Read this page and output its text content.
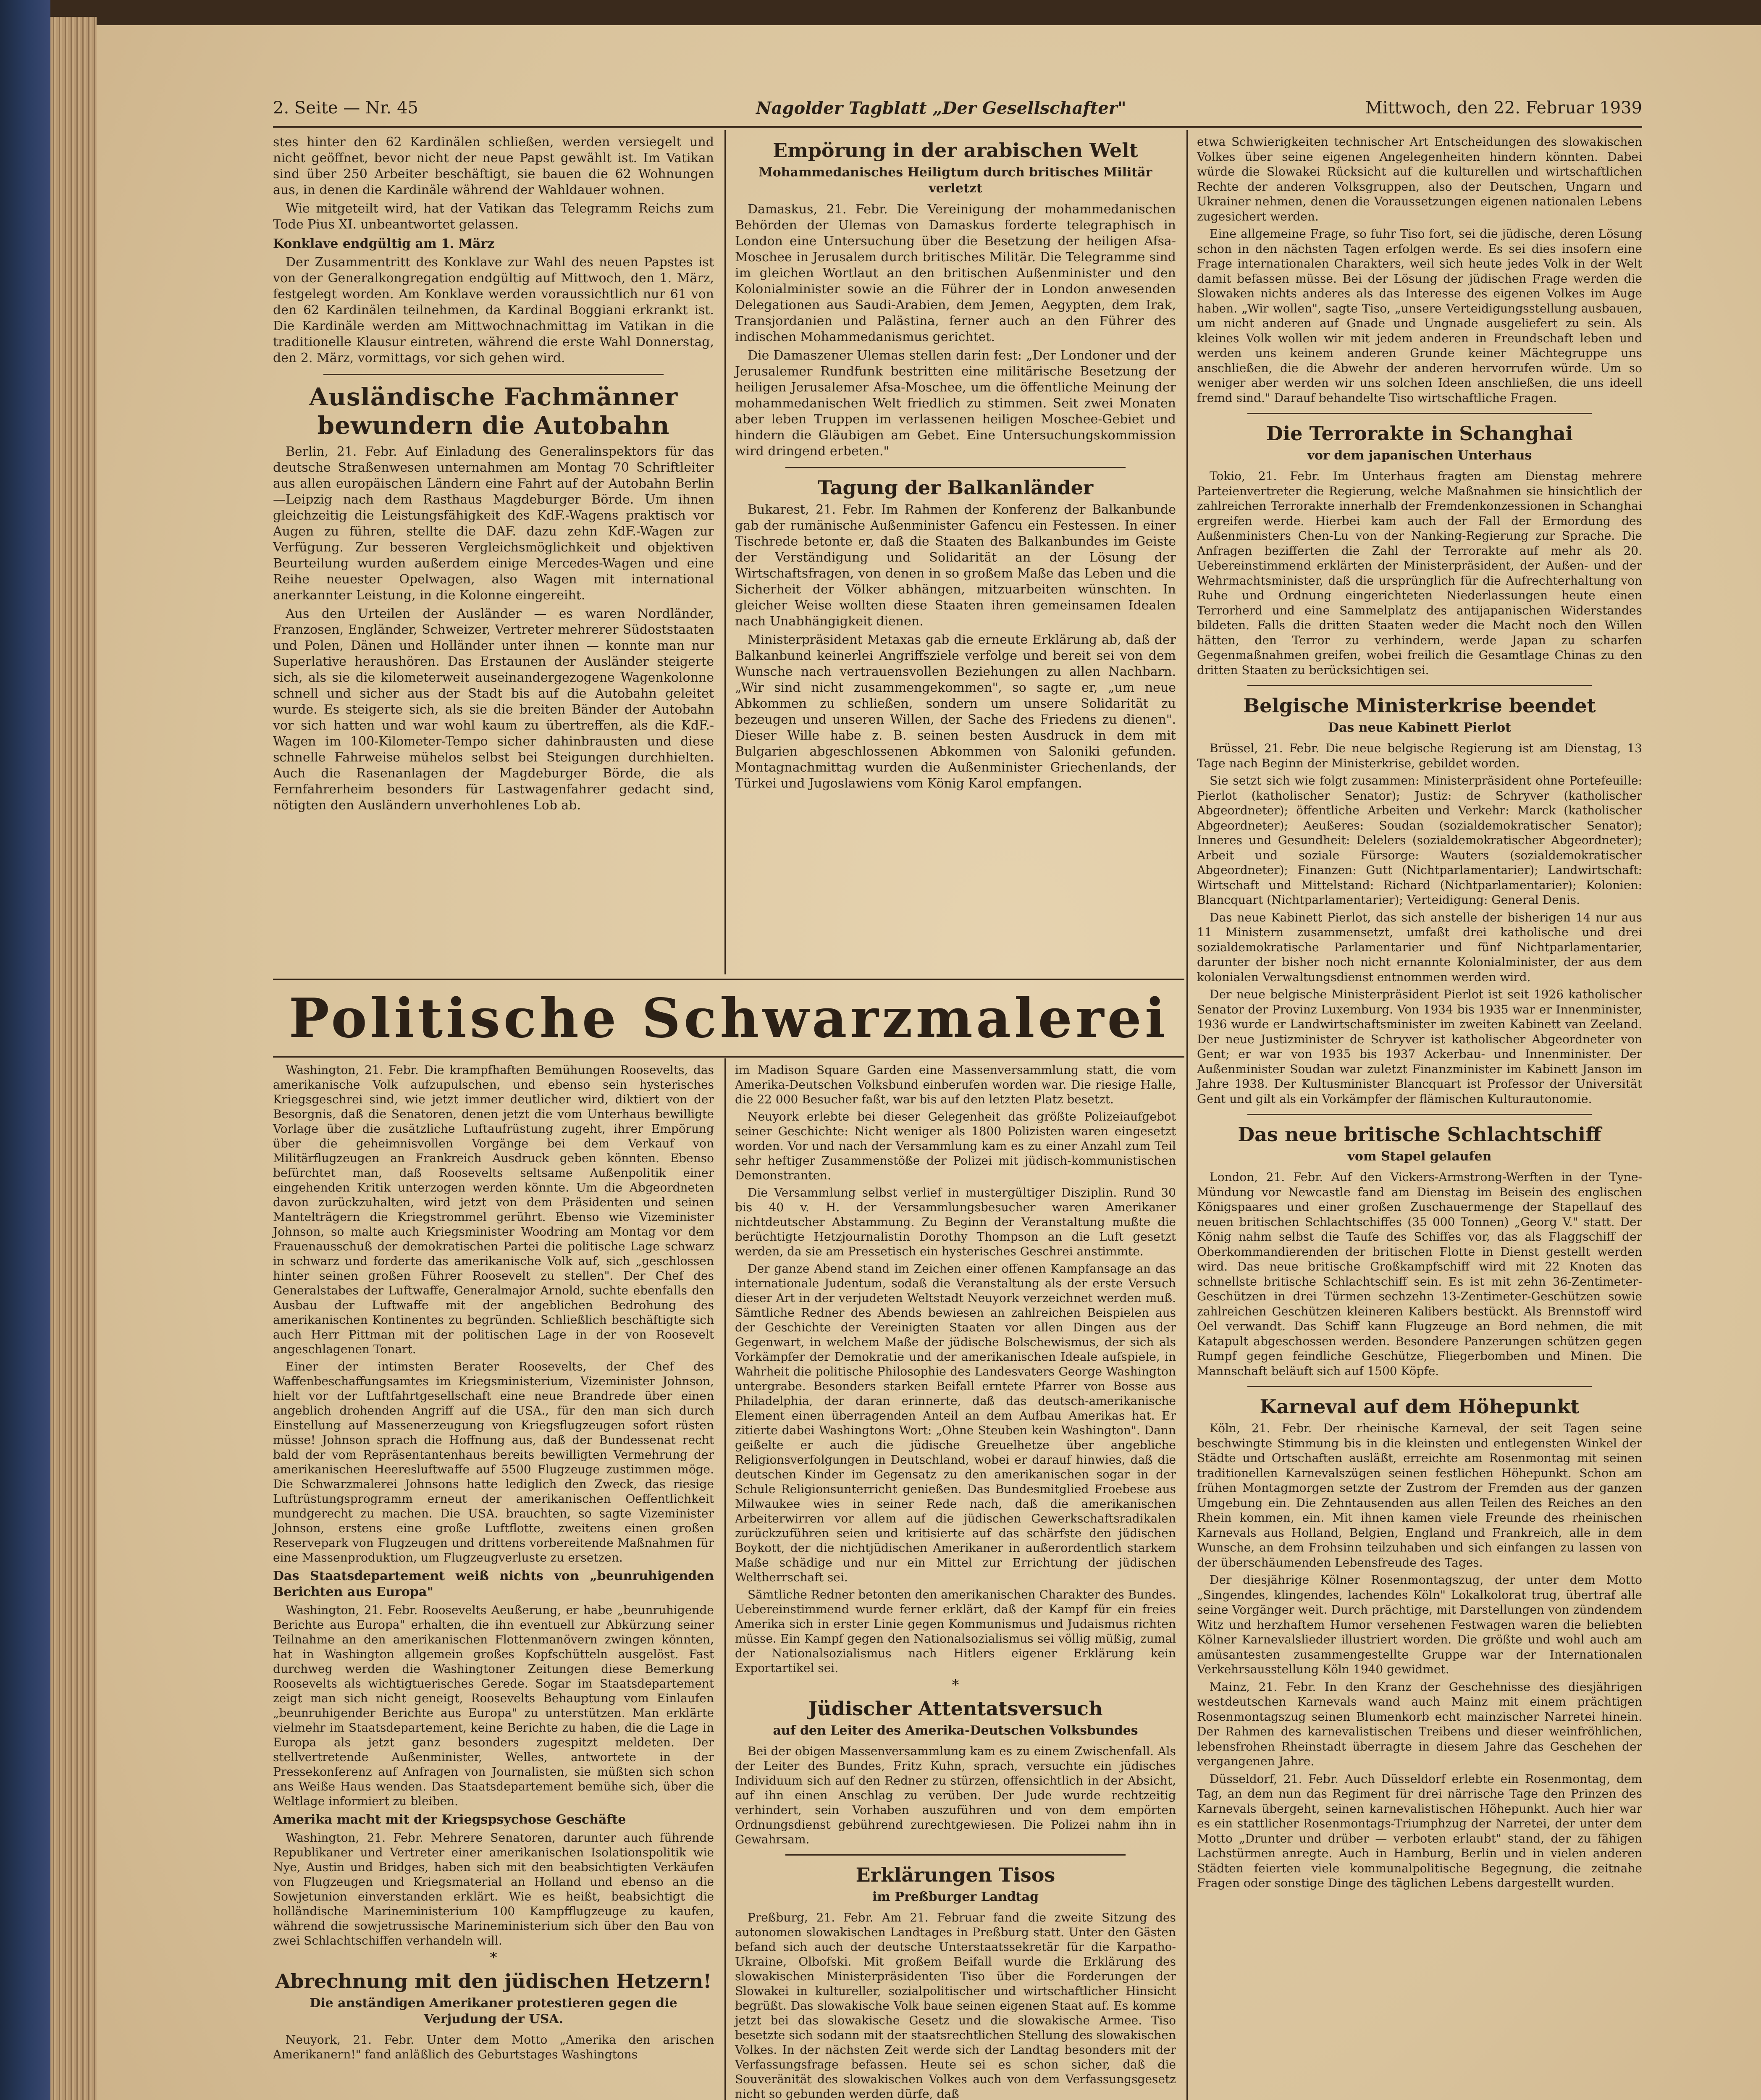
2. Seite — Nr. 45	Nagolder Tagblatt „Der Gesellschafter"	Mittwoch, den 22. Februar 1939

stes hinter den 62 Kardinälen schließen, werden versiegelt und nicht geöffnet, bevor nicht der neue Papst gewählt ist. Im Vatikan sind über 250 Arbeiter beschäftigt, sie bauen die 62 Wohnungen aus, in denen die Kardinäle während der Wahldauer wohnen.

Wie mitgeteilt wird, hat der Vatikan das Telegramm Reichs zum Tode Pius XI. unbeantwortet gelassen.

Konklave endgültig am 1. März

Der Zusammentritt des Konklave zur Wahl des neuen Papstes ist von der Generalkongregation endgültig auf Mittwoch, den 1. März, festgelegt worden. Am Konklave werden voraussichtlich nur 61 von den 62 Kardinälen teilnehmen, da Kardinal Boggiani erkrankt ist. Die Kardinäle werden am Mittwochnachmittag im Vatikan in die traditionelle Klausur eintreten, während die erste Wahl Donnerstag, den 2. März, vormittags, vor sich gehen wird.

Ausländische Fachmänner bewundern die Autobahn

Berlin, 21. Febr. Auf Einladung des Generalinspektors für das deutsche Straßenwesen unternahmen am Montag 70 Schriftleiter aus allen europäischen Ländern eine Fahrt auf der Autobahn Berlin—Leipzig nach dem Rasthaus Magdeburger Börde. Um ihnen gleichzeitig die Leistungsfähigkeit des KdF.-Wagens praktisch vor Augen zu führen, stellte die DAF. dazu zehn KdF.-Wagen zur Verfügung. Zur besseren Vergleichsmöglichkeit und objektiven Beurteilung wurden außerdem einige Mercedes-Wagen und eine Reihe neuester Opelwagen, also Wagen mit international anerkannter Leistung, in die Kolonne eingereiht.

Aus den Urteilen der Ausländer — es waren Nordländer, Franzosen, Engländer, Schweizer, Vertreter mehrerer Südoststaaten und Polen, Dänen und Holländer unter ihnen — konnte man nur Superlative heraushören. Das Erstaunen der Ausländer steigerte sich, als sie die kilometerweit auseinandergezogene Wagenkolonne schnell und sicher aus der Stadt bis auf die Autobahn geleitet wurde. Es steigerte sich, als sie die breiten Bänder der Autobahn vor sich hatten und war wohl kaum zu übertreffen, als die KdF.-Wagen im 100-Kilometer-Tempo sicher dahinbrausten und diese schnelle Fahrweise mühelos selbst bei Steigungen durchhielten. Auch die Rasenanlagen der Magdeburger Börde, die als Fernfahrerheim besonders für Lastwagenfahrer gedacht sind, nötigten den Ausländern unverhohlenes Lob ab.

Empörung in der arabischen Welt
Mohammedanisches Heiligtum durch britisches Militär verletzt

Damaskus, 21. Febr. Die Vereinigung der mohammedanischen Behörden der Ulemas von Damaskus forderte telegraphisch in London eine Untersuchung über die Besetzung der heiligen Afsa-Moschee in Jerusalem durch britisches Militär. Die Telegramme sind im gleichen Wortlaut an den britischen Außenminister und den Kolonialminister sowie an die Führer der in London anwesenden Delegationen aus Saudi-Arabien, dem Jemen, Aegypten, dem Irak, Transjordanien und Palästina, ferner auch an den Führer des indischen Mohammedanismus gerichtet.

Die Damaszener Ulemas stellen darin fest: „Der Londoner und der Jerusalemer Rundfunk bestritten eine militärische Besetzung der heiligen Jerusalemer Afsa-Moschee, um die öffentliche Meinung der mohammedanischen Welt friedlich zu stimmen. Seit zwei Monaten aber leben Truppen im verlassenen heiligen Moschee-Gebiet und hindern die Gläubigen am Gebet. Eine Untersuchungskommission wird dringend erbeten."

Tagung der Balkanländer

Bukarest, 21. Febr. Im Rahmen der Konferenz der Balkanbunde gab der rumänische Außenminister Gafencu ein Festessen. In einer Tischrede betonte er, daß die Staaten des Balkanbundes im Geiste der Verständigung und Solidarität an der Lösung der Wirtschaftsfragen, von denen in so großem Maße das Leben und die Sicherheit der Völker abhängen, mitzuarbeiten wünschten. In gleicher Weise wollten diese Staaten ihren gemeinsamen Idealen nach Unabhängigkeit dienen.

Ministerpräsident Metaxas gab die erneute Erklärung ab, daß der Balkanbund keinerlei Angriffsziele verfolge und bereit sei von dem Wunsche nach vertrauensvollen Beziehungen zu allen Nachbarn. „Wir sind nicht zusammengekommen", so sagte er, „um neue Abkommen zu schließen, sondern um unsere Solidarität zu bezeugen und unseren Willen, der Sache des Friedens zu dienen". Dieser Wille habe z. B. seinen besten Ausdruck in dem mit Bulgarien abgeschlossenen Abkommen von Saloniki gefunden. Montagnachmittag wurden die Außenminister Griechenlands, der Türkei und Jugoslawiens vom König Karol empfangen.

etwa Schwierigkeiten technischer Art Entscheidungen des slowakischen Volkes über seine eigenen Angelegenheiten hindern könnten. Dabei würde die Slowakei Rücksicht auf die kulturellen und wirtschaftlichen Rechte der anderen Volksgruppen, also der Deutschen, Ungarn und Ukrainer nehmen, denen die Voraussetzungen eigenen nationalen Lebens zugesichert werden.

Eine allgemeine Frage, so fuhr Tiso fort, sei die jüdische, deren Lösung schon in den nächsten Tagen erfolgen werde. Es sei dies insofern eine Frage internationalen Charakters, weil sich heute jedes Volk in der Welt damit befassen müsse. Bei der Lösung der jüdischen Frage werden die Slowaken nichts anderes als das Interesse des eigenen Volkes im Auge haben. „Wir wollen", sagte Tiso, „unsere Verteidigungsstellung ausbauen, um nicht anderen auf Gnade und Ungnade ausgeliefert zu sein. Als kleines Volk wollen wir mit jedem anderen in Freundschaft leben und werden uns keinem anderen Grunde keiner Mächtegruppe uns anschließen, die die Abwehr der anderen hervorrufen würde. Um so weniger aber werden wir uns solchen Ideen anschließen, die uns ideell fremd sind." Darauf behandelte Tiso wirtschaftliche Fragen.

Die Terrorakte in Schanghai
vor dem japanischen Unterhaus

Tokio, 21. Febr. Im Unterhaus fragten am Dienstag mehrere Parteienvertreter die Regierung, welche Maßnahmen sie hinsichtlich der zahlreichen Terrorakte innerhalb der Fremdenkonzessionen in Schanghai ergreifen werde. Hierbei kam auch der Fall der Ermordung des Außenministers Chen-Lu von der Nanking-Regierung zur Sprache. Die Anfragen bezifferten die Zahl der Terrorakte auf mehr als 20. Uebereinstimmend erklärten der Ministerpräsident, der Außen- und der Wehrmachtsminister, daß die ursprünglich für die Aufrechterhaltung von Ruhe und Ordnung eingerichteten Niederlassungen heute einen Terrorherd und eine Sammelplatz des antijapanischen Widerstandes bildeten. Falls die dritten Staaten weder die Macht noch den Willen hätten, den Terror zu verhindern, werde Japan zu scharfen Gegenmaßnahmen greifen, wobei freilich die Gesamtlage Chinas zu den dritten Staaten zu berücksichtigen sei.

Belgische Ministerkrise beendet
Das neue Kabinett Pierlot

Brüssel, 21. Febr. Die neue belgische Regierung ist am Dienstag, 13 Tage nach Beginn der Ministerkrise, gebildet worden.

Sie setzt sich wie folgt zusammen: Ministerpräsident ohne Portefeuille: Pierlot (katholischer Senator); Justiz: de Schryver (katholischer Abgeordneter); öffentliche Arbeiten und Verkehr: Marck (katholischer Abgeordneter); Aeußeres: Soudan (sozialdemokratischer Senator); Inneres und Gesundheit: Delelers (sozialdemokratischer Abgeordneter); Arbeit und soziale Fürsorge: Wauters (sozialdemokratischer Abgeordneter); Finanzen: Gutt (Nichtparlamentarier); Landwirtschaft: Wirtschaft und Mittelstand: Richard (Nichtparlamentarier); Kolonien: Blancquart (Nichtparlamentarier); Verteidigung: General Denis.

Das neue Kabinett Pierlot, das sich anstelle der bisherigen 14 nur aus 11 Ministern zusammensetzt, umfaßt drei katholische und drei sozialdemokratische Parlamentarier und fünf Nichtparlamentarier, darunter der bisher noch nicht ernannte Kolonialminister, der aus dem kolonialen Verwaltungsdienst entnommen werden wird.

Der neue belgische Ministerpräsident Pierlot ist seit 1926 katholischer Senator der Provinz Luxemburg. Von 1934 bis 1935 war er Innenminister, 1936 wurde er Landwirtschaftsminister im zweiten Kabinett van Zeeland. Der neue Justizminister de Schryver ist katholischer Abgeordneter von Gent; er war von 1935 bis 1937 Ackerbau- und Innenminister. Der Außenminister Soudan war zuletzt Finanzminister im Kabinett Janson im Jahre 1938. Der Kultusminister Blancquart ist Professor der Universität Gent und gilt als ein Vorkämpfer der flämischen Kulturautonomie.

Das neue britische Schlachtschiff
vom Stapel gelaufen

London, 21. Febr. Auf den Vickers-Armstrong-Werften in der Tyne-Mündung vor Newcastle fand am Dienstag im Beisein des englischen Königspaares und einer großen Zuschauermenge der Stapellauf des neuen britischen Schlachtschiffes (35 000 Tonnen) „Georg V." statt. Der König nahm selbst die Taufe des Schiffes vor, das als Flaggschiff der Oberkommandierenden der britischen Flotte in Dienst gestellt werden wird. Das neue britische Großkampfschiff wird mit 22 Knoten das schnellste britische Schlachtschiff sein. Es ist mit zehn 36-Zentimeter-Geschützen in drei Türmen sechzehn 13-Zentimeter-Geschützen sowie zahlreichen Geschützen kleineren Kalibers bestückt. Als Brennstoff wird Oel verwandt. Das Schiff kann Flugzeuge an Bord nehmen, die mit Katapult abgeschossen werden. Besondere Panzerungen schützen gegen Rumpf gegen feindliche Geschütze, Fliegerbomben und Minen. Die Mannschaft beläuft sich auf 1500 Köpfe.

Karneval auf dem Höhepunkt

Köln, 21. Febr. Der rheinische Karneval, der seit Tagen seine beschwingte Stimmung bis in die kleinsten und entlegensten Winkel der Städte und Ortschaften ausläßt, erreichte am Rosenmontag mit seinen traditionellen Karnevalszügen seinen festlichen Höhepunkt. Schon am frühen Montagmorgen setzte der Zustrom der Fremden aus der ganzen Umgebung ein. Die Zehntausenden aus allen Teilen des Reiches an den Rhein kommen, ein. Mit ihnen kamen viele Freunde des rheinischen Karnevals aus Holland, Belgien, England und Frankreich, alle in dem Wunsche, an dem Frohsinn teilzuhaben und sich einfangen zu lassen von der überschäumenden Lebensfreude des Tages.

Der diesjährige Kölner Rosenmontagszug, der unter dem Motto „Singendes, klingendes, lachendes Köln" Lokalkolorat trug, übertraf alle seine Vorgänger weit. Durch prächtige, mit Darstellungen von zündendem Witz und herzhaftem Humor versehenen Festwagen waren die beliebten Kölner Karnevalslieder illustriert worden. Die größte und wohl auch am amüsantesten zusammengestellte Gruppe war der Internationalen Verkehrsausstellung Köln 1940 gewidmet.

Mainz, 21. Febr. In den Kranz der Geschehnisse des diesjährigen westdeutschen Karnevals wand auch Mainz mit einem prächtigen Rosenmontagszug seinen Blumenkorb echt mainzischer Narretei hinein. Der Rahmen des karnevalistischen Treibens und dieser weinfröhlichen, lebensfrohen Rheinstadt überragte in diesem Jahre das Geschehen der vergangenen Jahre.

Düsseldorf, 21. Febr. Auch Düsseldorf erlebte ein Rosenmontag, dem Tag, an dem nun das Regiment für drei närrische Tage den Prinzen des Karnevals übergeht, seinen karnevalistischen Höhepunkt. Auch hier war es ein stattlicher Rosenmontags-Triumphzug der Narretei, der unter dem Motto „Drunter und drüber — verboten erlaubt" stand, der zu fähigen Lachstürmen anregte. Auch in Hamburg, Berlin und in vielen anderen Städten feierten viele kommunalpolitische Begegnung, die zeitnahe Fragen oder sonstige Dinge des täglichen Lebens dargestellt wurden.

Politische Schwarzmalerei

Washington, 21. Febr. Die krampfhaften Bemühungen Roosevelts, das amerikanische Volk aufzupulschen, und ebenso sein hysterisches Kriegsgeschrei sind, wie jetzt immer deutlicher wird, diktiert von der Besorgnis, daß die Senatoren, denen jetzt die vom Unterhaus bewilligte Vorlage über die zusätzliche Luftaufrüstung zugeht, ihrer Empörung über die geheimnisvollen Vorgänge bei dem Verkauf von Militärflugzeugen an Frankreich Ausdruck geben könnten. Ebenso befürchtet man, daß Roosevelts seltsame Außenpolitik einer eingehenden Kritik unterzogen werden könnte. Um die Abgeordneten davon zurückzuhalten, wird jetzt von dem Präsidenten und seinen Mantelträgern die Kriegstrommel gerührt. Ebenso wie Vizeminister Johnson, so malte auch Kriegsminister Woodring am Montag vor dem Frauenausschuß der demokratischen Partei die politische Lage schwarz in schwarz und forderte das amerikanische Volk auf, sich „geschlossen hinter seinen großen Führer Roosevelt zu stellen". Der Chef des Generalstabes der Luftwaffe, Generalmajor Arnold, suchte ebenfalls den Ausbau der Luftwaffe mit der angeblichen Bedrohung des amerikanischen Kontinentes zu begründen. Schließlich beschäftigte sich auch Herr Pittman mit der politischen Lage in der von Roosevelt angeschlagenen Tonart.

Einer der intimsten Berater Roosevelts, der Chef des Waffenbeschaffungsamtes im Kriegsministerium, Vizeminister Johnson, hielt vor der Luftfahrtgesellschaft eine neue Brandrede über einen angeblich drohenden Angriff auf die USA., für den man sich durch Einstellung auf Massenerzeugung von Kriegsflugzeugen sofort rüsten müsse! Johnson sprach die Hoffnung aus, daß der Bundessenat recht bald der vom Repräsentantenhaus bereits bewilligten Vermehrung der amerikanischen Heeresluftwaffe auf 5500 Flugzeuge zustimmen möge. Die Schwarzmalerei Johnsons hatte lediglich den Zweck, das riesige Luftrüstungsprogramm erneut der amerikanischen Oeffentlichkeit mundgerecht zu machen. Die USA. brauchten, so sagte Vizeminister Johnson, erstens eine große Luftflotte, zweitens einen großen Reservepark von Flugzeugen und drittens vorbereitende Maßnahmen für eine Massenproduktion, um Flugzeugverluste zu ersetzen.

Das Staatsdepartement weiß nichts von „beunruhigenden Berichten aus Europa"

Washington, 21. Febr. Roosevelts Aeußerung, er habe „beunruhigende Berichte aus Europa" erhalten, die ihn eventuell zur Abkürzung seiner Teilnahme an den amerikanischen Flottenmanövern zwingen könnten, hat in Washington allgemein großes Kopfschütteln ausgelöst. Fast durchweg werden die Washingtoner Zeitungen diese Bemerkung Roosevelts als wichtigtuerisches Gerede. Sogar im Staatsdepartement zeigt man sich nicht geneigt, Roosevelts Behauptung vom Einlaufen „beunruhigender Berichte aus Europa" zu unterstützen. Man erklärte vielmehr im Staatsdepartement, keine Berichte zu haben, die die Lage in Europa als jetzt ganz besonders zugespitzt meldeten. Der stellvertretende Außenminister, Welles, antwortete in der Pressekonferenz auf Anfragen von Journalisten, sie müßten sich schon ans Weiße Haus wenden. Das Staatsdepartement bemühe sich, über die Weltlage informiert zu bleiben.

Amerika macht mit der Kriegspsychose Geschäfte

Washington, 21. Febr. Mehrere Senatoren, darunter auch führende Republikaner und Vertreter einer amerikanischen Isolationspolitik wie Nye, Austin und Bridges, haben sich mit den beabsichtigten Verkäufen von Flugzeugen und Kriegsmaterial an Holland und ebenso an die Sowjetunion einverstanden erklärt. Wie es heißt, beabsichtigt die holländische Marineministerium 100 Kampfflugzeuge zu kaufen, während die sowjetrussische Marineministerium sich über den Bau von zwei Schlachtschiffen verhandeln will.

*
Abrechnung mit den jüdischen Hetzern!
Die anständigen Amerikaner protestieren gegen die Verjudung der USA.

Neuyork, 21. Febr. Unter dem Motto „Amerika den arischen Amerikanern!" fand anläßlich des Geburtstages Washingtons

im Madison Square Garden eine Massenversammlung statt, die vom Amerika-Deutschen Volksbund einberufen worden war. Die riesige Halle, die 22 000 Besucher faßt, war bis auf den letzten Platz besetzt.

Neuyork erlebte bei dieser Gelegenheit das größte Polizeiaufgebot seiner Geschichte: Nicht weniger als 1800 Polizisten waren eingesetzt worden. Vor und nach der Versammlung kam es zu einer Anzahl zum Teil sehr heftiger Zusammenstöße der Polizei mit jüdisch-kommunistischen Demonstranten.

Die Versammlung selbst verlief in mustergültiger Disziplin. Rund 30 bis 40 v. H. der Versammlungsbesucher waren Amerikaner nichtdeutscher Abstammung. Zu Beginn der Veranstaltung mußte die berüchtigte Hetzjournalistin Dorothy Thompson an die Luft gesetzt werden, da sie am Pressetisch ein hysterisches Geschrei anstimmte.

Der ganze Abend stand im Zeichen einer offenen Kampfansage an das internationale Judentum, sodaß die Veranstaltung als der erste Versuch dieser Art in der verjudeten Weltstadt Neuyork verzeichnet werden muß. Sämtliche Redner des Abends bewiesen an zahlreichen Beispielen aus der Geschichte der Vereinigten Staaten vor allen Dingen aus der Gegenwart, in welchem Maße der jüdische Bolschewismus, der sich als Vorkämpfer der Demokratie und der amerikanischen Ideale aufspiele, in Wahrheit die politische Philosophie des Landesvaters George Washington untergrabe. Besonders starken Beifall erntete Pfarrer von Bosse aus Philadelphia, der daran erinnerte, daß das deutsch-amerikanische Element einen überragenden Anteil an dem Aufbau Amerikas hat. Er zitierte dabei Washingtons Wort: „Ohne Steuben kein Washington". Dann geißelte er auch die jüdische Greuelhetze über angebliche Religionsverfolgungen in Deutschland, wobei er darauf hinwies, daß die deutschen Kinder im Gegensatz zu den amerikanischen sogar in der Schule Religionsunterricht genießen. Das Bundesmitglied Froebese aus Milwaukee wies in seiner Rede nach, daß die amerikanischen Arbeiterwirren vor allem auf die jüdischen Gewerkschaftsradikalen zurückzuführen seien und kritisierte auf das schärfste den jüdischen Boykott, der die nichtjüdischen Amerikaner in außerordentlich starkem Maße schädige und nur ein Mittel zur Errichtung der jüdischen Weltherrschaft sei.

Sämtliche Redner betonten den amerikanischen Charakter des Bundes. Uebereinstimmend wurde ferner erklärt, daß der Kampf für ein freies Amerika sich in erster Linie gegen Kommunismus und Judaismus richten müsse. Ein Kampf gegen den Nationalsozialismus sei völlig müßig, zumal der Nationalsozialismus nach Hitlers eigener Erklärung kein Exportartikel sei.

*
Jüdischer Attentatsversuch
auf den Leiter des Amerika-Deutschen Volksbundes

Bei der obigen Massenversammlung kam es zu einem Zwischenfall. Als der Leiter des Bundes, Fritz Kuhn, sprach, versuchte ein jüdisches Individuum sich auf den Redner zu stürzen, offensichtlich in der Absicht, auf ihn einen Anschlag zu verüben. Der Jude wurde rechtzeitig verhindert, sein Vorhaben auszuführen und von dem empörten Ordnungsdienst gebührend zurechtgewiesen. Die Polizei nahm ihn in Gewahrsam.

Erklärungen Tisos
im Preßburger Landtag

Preßburg, 21. Febr. Am 21. Februar fand die zweite Sitzung des autonomen slowakischen Landtages in Preßburg statt. Unter den Gästen befand sich auch der deutsche Unterstaatssekretär für die Karpatho-Ukraine, Olbofski. Mit großem Beifall wurde die Erklärung des slowakischen Ministerpräsidenten Tiso über die Forderungen der Slowakei in kultureller, sozialpolitischer und wirtschaftlicher Hinsicht begrüßt. Das slowakische Volk baue seinen eigenen Staat auf. Es komme jetzt bei das slowakische Gesetz und die slowakische Armee. Tiso besetzte sich sodann mit der staatsrechtlichen Stellung des slowakischen Volkes. In der nächsten Zeit werde sich der Landtag besonders mit der Verfassungsfrage befassen. Heute sei es schon sicher, daß die Souveränität des slowakischen Volkes auch von dem Verfassungsgesetz nicht so gebunden werden dürfe, daß
